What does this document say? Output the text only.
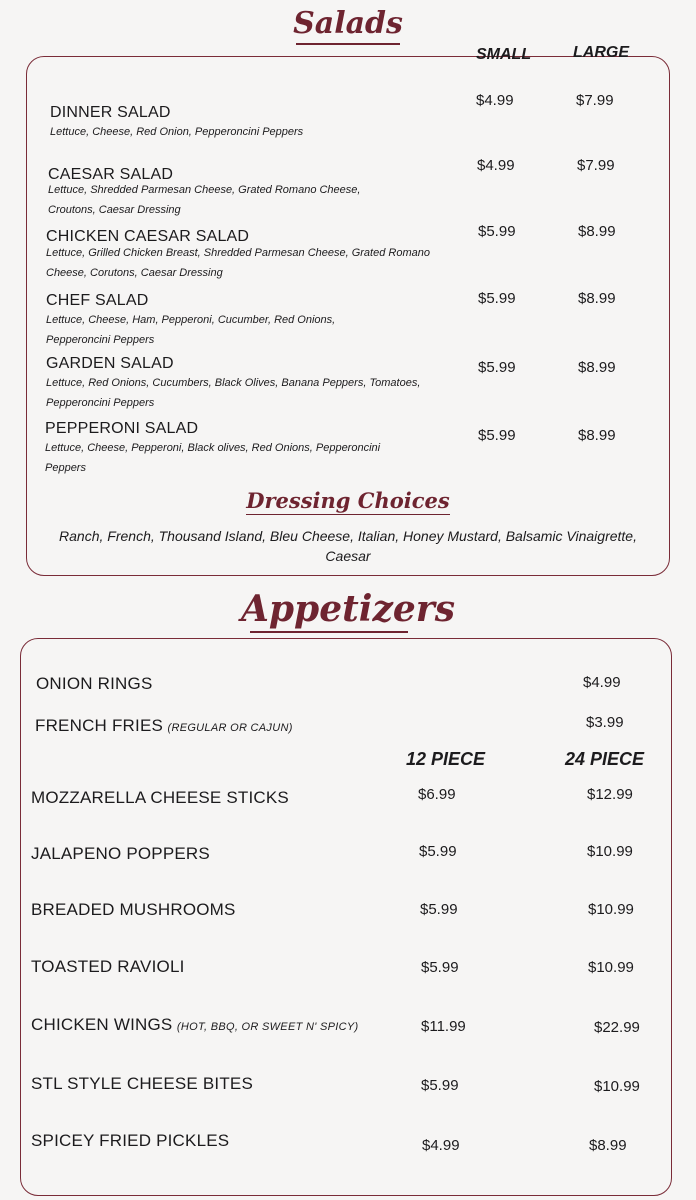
Salads
SMALL	LARGE
DINNER SALAD
Lettuce, Cheese, Red Onion, Pepperoncini Peppers
$4.99	$7.99
CAESAR SALAD
Lettuce, Shredded Parmesan Cheese, Grated Romano Cheese, Croutons, Caesar Dressing
$4.99	$7.99
CHICKEN CAESAR SALAD
Lettuce, Grilled Chicken Breast, Shredded Parmesan Cheese, Grated Romano Cheese, Corutons, Caesar Dressing
$5.99	$8.99
CHEF SALAD
Lettuce, Cheese, Ham, Pepperoni, Cucumber, Red Onions, Pepperoncini Peppers
$5.99	$8.99
GARDEN SALAD
Lettuce, Red Onions, Cucumbers, Black Olives, Banana Peppers, Tomatoes, Pepperoncini Peppers
$5.99	$8.99
PEPPERONI SALAD
Lettuce, Cheese, Pepperoni, Black olives, Red Onions, Pepperoncini Peppers
$5.99	$8.99
Dressing Choices
Ranch, French, Thousand Island, Bleu Cheese, Italian, Honey Mustard, Balsamic Vinaigrette, Caesar
Appetizers
ONION RINGS	$4.99
FRENCH FRIES (REGULAR OR CAJUN)	$3.99
12 PIECE	24 PIECE
MOZZARELLA CHEESE STICKS	$6.99	$12.99
JALAPENO POPPERS	$5.99	$10.99
BREADED MUSHROOMS	$5.99	$10.99
TOASTED RAVIOLI	$5.99	$10.99
CHICKEN WINGS (HOT, BBQ, OR SWEET N' SPICY)	$11.99	$22.99
STL STYLE CHEESE BITES	$5.99	$10.99
SPICEY FRIED PICKLES	$4.99	$8.99
